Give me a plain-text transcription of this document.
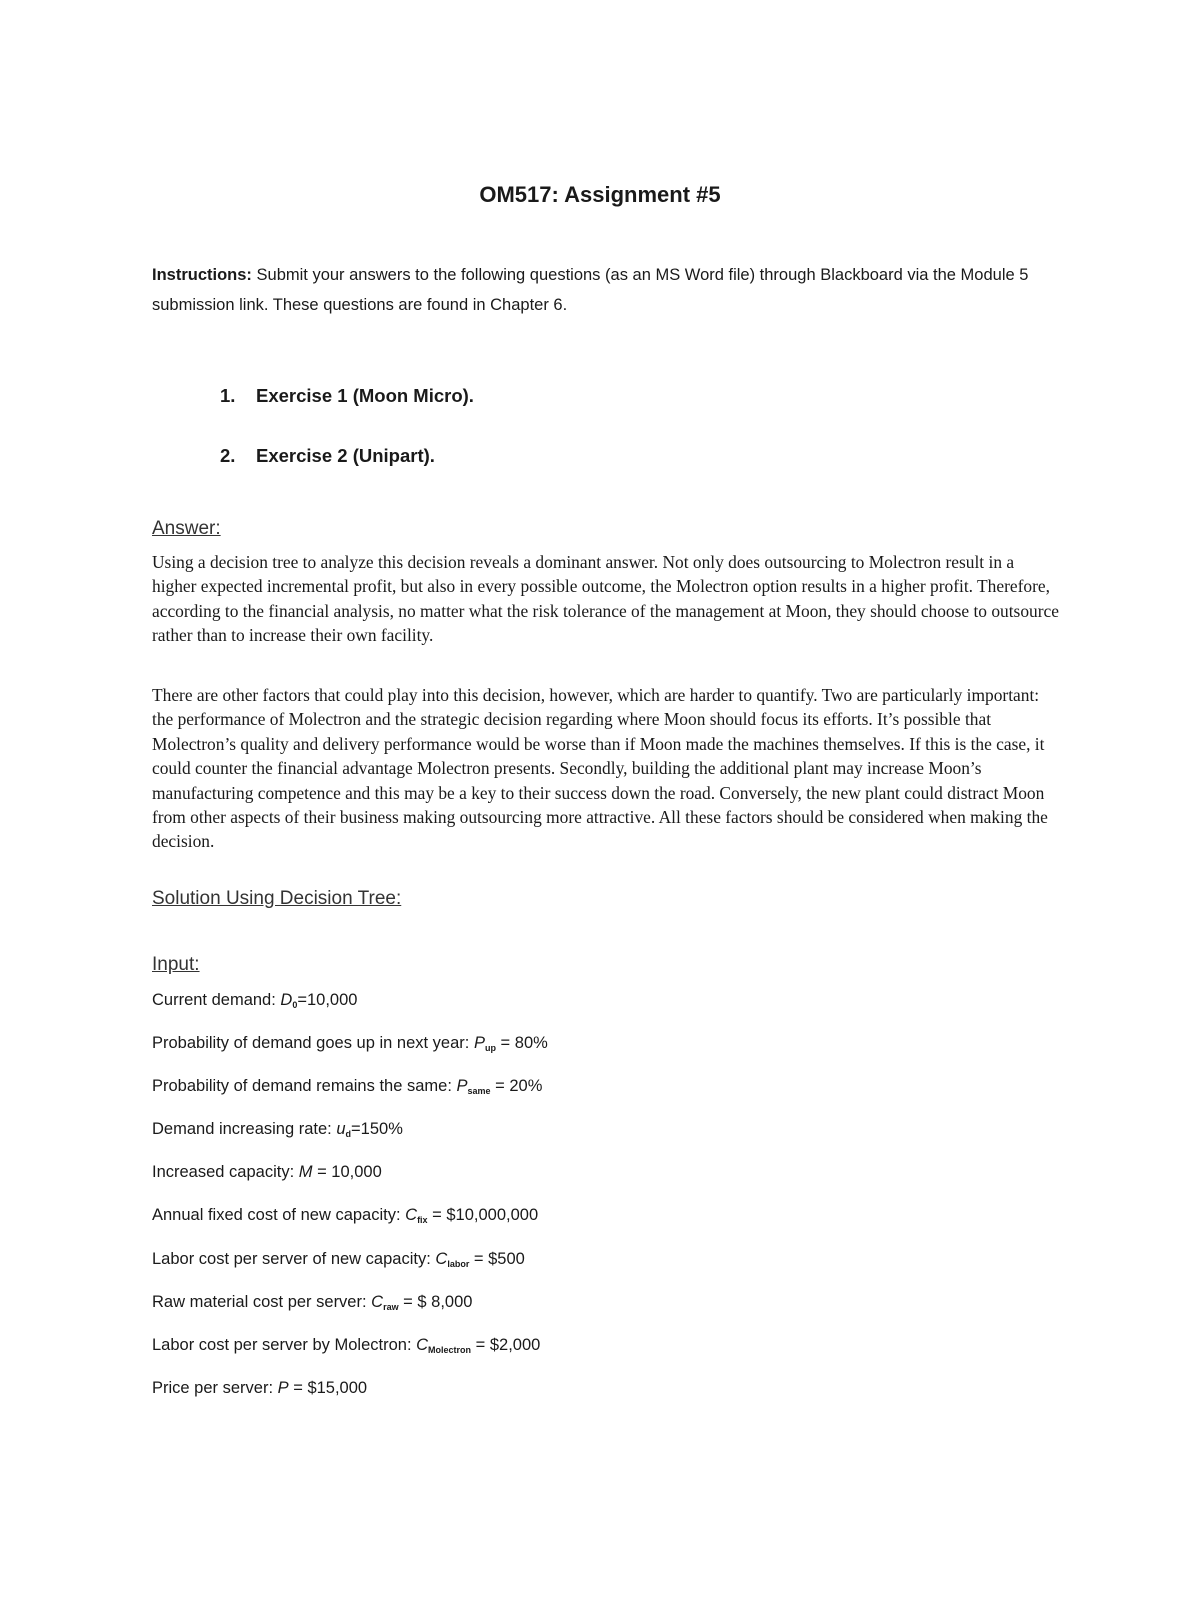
OM517: Assignment #5
Instructions: Submit your answers to the following questions (as an MS Word file) through Blackboard via the Module 5 submission link. These questions are found in Chapter 6.
1. Exercise 1 (Moon Micro).
2. Exercise 2 (Unipart).
Answer:
Using a decision tree to analyze this decision reveals a dominant answer. Not only does outsourcing to Molectron result in a higher expected incremental profit, but also in every possible outcome, the Molectron option results in a higher profit. Therefore, according to the financial analysis, no matter what the risk tolerance of the management at Moon, they should choose to outsource rather than to increase their own facility.
There are other factors that could play into this decision, however, which are harder to quantify. Two are particularly important: the performance of Molectron and the strategic decision regarding where Moon should focus its efforts. It’s possible that Molectron’s quality and delivery performance would be worse than if Moon made the machines themselves. If this is the case, it could counter the financial advantage Molectron presents. Secondly, building the additional plant may increase Moon’s manufacturing competence and this may be a key to their success down the road. Conversely, the new plant could distract Moon from other aspects of their business making outsourcing more attractive. All these factors should be considered when making the decision.
Solution Using Decision Tree:
Input:
Current demand: $D_0=10,000$
Probability of demand goes up in next year: $P_{up} = 80\%$
Probability of demand remains the same: $P_{same} = 20\%$
Demand increasing rate: $u_d=150\%$
Increased capacity: M = 10,000
Annual fixed cost of new capacity: $C_{fix}$ = $10,000,000
Labor cost per server of new capacity: $C_{labor}$ = $500
Raw material cost per server: $C_{raw}$ = $ 8,000
Labor cost per server by Molectron: $C_{Molectron}$ = $2,000
Price per server: P = $15,000
